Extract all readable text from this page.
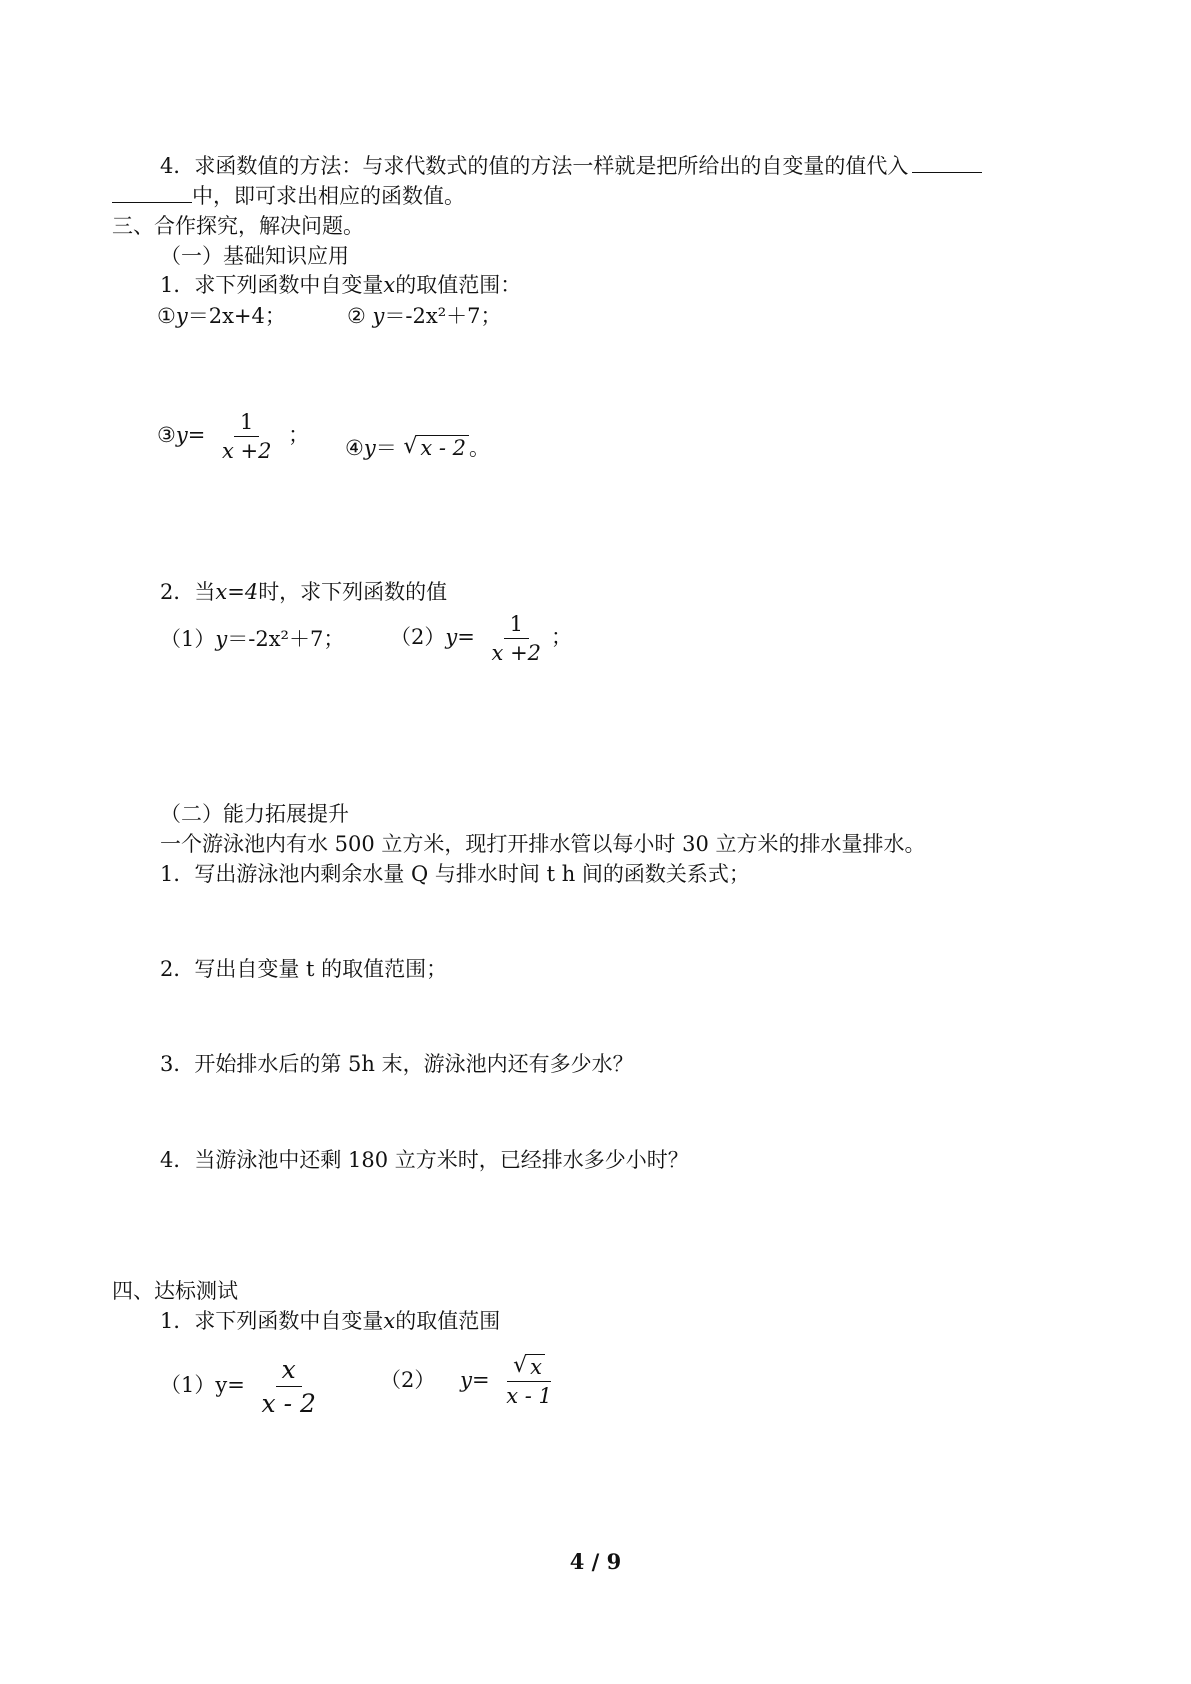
4．求函数值的方法：与求代数式的值的方法一样就是把所给出的自变量的值代入
中，即可求出相应的函数值。
三、合作探究，解决问题。
（一）基础知识应用
1．求下列函数中自变量x的取值范围：
①y＝2x+4；	② y＝-2x²＋7；
③y= $\frac{1}{x +2}$ ；
④y＝ √ x - 2 。
2．当x=4时，求下列函数的值
（1）y＝-2x²＋7； $(2)y= \frac{1}{x +2}$ ；
（二）能力拓展提升
一个游泳池内有水 500 立方米，现打开排水管以每小时 30 立方米的排水量排水。
1．写出游泳池内剩余水量 Q 与排水时间 t h 间的函数关系式；
2．写出自变量 t 的取值范围；
3．开始排水后的第 5h 末，游泳池内还有多少水？
4．当游泳池中还剩 180 立方米时，已经排水多少小时？
四、达标测试
1．求下列函数中自变量x的取值范围
$(1)y= \frac{x}{x - 2}$	（2） $y= \frac{√ x}{x - 1}$
4 / 9
